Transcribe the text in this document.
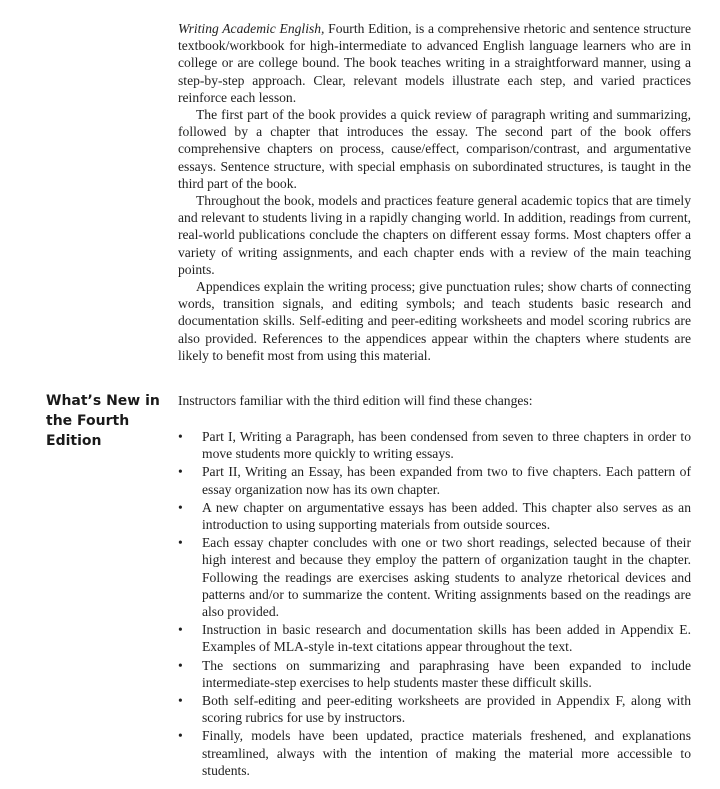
Writing Academic English, Fourth Edition, is a comprehensive rhetoric and sentence structure textbook/workbook for high-intermediate to advanced English language learners who are in college or are college bound. The book teaches writing in a straightforward manner, using a step-by-step approach. Clear, relevant models illustrate each step, and varied practices reinforce each lesson.

The first part of the book provides a quick review of paragraph writing and summarizing, followed by a chapter that introduces the essay. The second part of the book offers comprehensive chapters on process, cause/effect, comparison/contrast, and argumentative essays. Sentence structure, with special emphasis on subordinated structures, is taught in the third part of the book.

Throughout the book, models and practices feature general academic topics that are timely and relevant to students living in a rapidly changing world. In addition, readings from current, real-world publications conclude the chapters on different essay forms. Most chapters offer a variety of writing assignments, and each chapter ends with a review of the main teaching points.

Appendices explain the writing process; give punctuation rules; show charts of connecting words, transition signals, and editing symbols; and teach students basic research and documentation skills. Self-editing and peer-editing worksheets and model scoring rubrics are also provided. References to the appendices appear within the chapters where students are likely to benefit most from using this material.

What’s New in
the Fourth
Edition

Instructors familiar with the third edition will find these changes:

• Part I, Writing a Paragraph, has been condensed from seven to three chapters in order to move students more quickly to writing essays.
• Part II, Writing an Essay, has been expanded from two to five chapters. Each pattern of essay organization now has its own chapter.
• A new chapter on argumentative essays has been added. This chapter also serves as an introduction to using supporting materials from outside sources.
• Each essay chapter concludes with one or two short readings, selected because of their high interest and because they employ the pattern of organization taught in the chapter. Following the readings are exercises asking students to analyze rhetorical devices and patterns and/or to summarize the content. Writing assignments based on the readings are also provided.
• Instruction in basic research and documentation skills has been added in Appendix E. Examples of MLA-style in-text citations appear throughout the text.
• The sections on summarizing and paraphrasing have been expanded to include intermediate-step exercises to help students master these difficult skills.
• Both self-editing and peer-editing worksheets are provided in Appendix F, along with scoring rubrics for use by instructors.
• Finally, models have been updated, practice materials freshened, and explanations streamlined, always with the intention of making the material more accessible to students.
